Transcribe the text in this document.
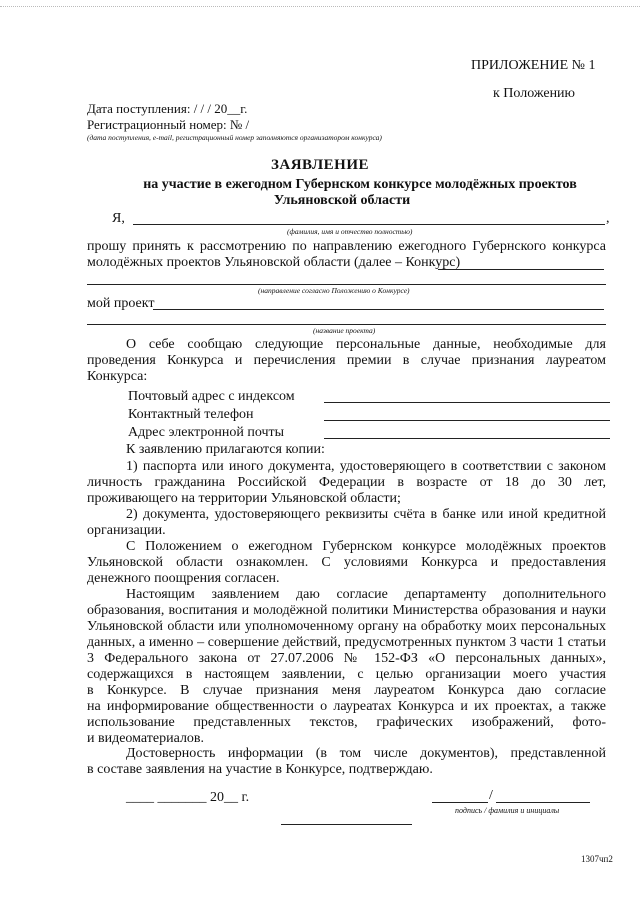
ПРИЛОЖЕНИЕ № 1
к Положению
Дата поступления: / / / 20__г.
Регистрационный номер: № /
(дата поступления, e-mail, регистрационный номер заполняются организатором конкурса)
ЗАЯВЛЕНИЕ
на участие в ежегодном Губернском конкурсе молодёжных проектов
Ульяновской области
Я,	,
(фамилия, имя и отчество полностью)
прошу принять к рассмотрению по направлению ежегодного Губернского конкурса
молодёжных проектов Ульяновской области (далее – Конкурс)
(направление согласно Положению о Конкурсе)
мой проект
(название проекта)
О себе сообщаю следующие персональные данные, необходимые для
проведения Конкурса и перечисления премии в случае признания лауреатом
Конкурса:
Почтовый адрес с индексом
Контактный телефон
Адрес электронной почты
К заявлению прилагаются копии:
1) паспорта или иного документа, удостоверяющего в соответствии с законом
личность гражданина Российской Федерации в возрасте от 18 до 30 лет,
проживающего на территории Ульяновской области;
2) документа, удостоверяющего реквизиты счёта в банке или иной кредитной
организации.
С Положением о ежегодном Губернском конкурсе молодёжных проектов
Ульяновской области ознакомлен. С условиями Конкурса и предоставления
денежного поощрения согласен.
Настоящим заявлением даю согласие департаменту дополнительного
образования, воспитания и молодёжной политики Министерства образования и науки
Ульяновской области или уполномоченному органу на обработку моих персональных
данных, а именно – совершение действий, предусмотренных пунктом 3 части 1 статьи
3 Федерального закона от 27.07.2006 № 152-ФЗ «О персональных данных»,
содержащихся в настоящем заявлении, с целью организации моего участия
в Конкурсе. В случае признания меня лауреатом Конкурса даю согласие
на информирование общественности о лауреатах Конкурса и их проектах, а также
использование представленных текстов, графических изображений, фото-
и видеоматериалов.
Достоверность информации (в том числе документов), представленной
в составе заявления на участие в Конкурсе, подтверждаю.
____ _______ 20__ г.	/
подпись / фамилия и инициалы
1307чп2
